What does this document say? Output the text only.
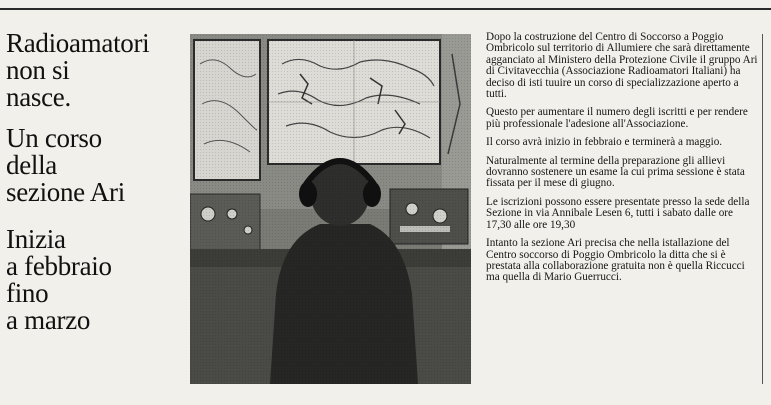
Radioamatori
non si
nasce.
Un corso
della
sezione Ari
Inizia
a febbraio
fino
a marzo

Dopo la costruzione del Centro di Soccorso a Poggio Ombricolo sul territorio di Allumiere che sarà direttamente agganciato al Ministero della Protezione Civile il gruppo Ari di Civitavecchia (Associazione Radioamatori Italiani) ha deciso di isti tuuire un corso di specializzazione aperto a tutti.

Questo per aumentare il numero degli iscritti e per rendere più professionale l'adesione all'Associazione.

Il corso avrà inizio in febbraio e terminerà a maggio.

Naturalmente al termine della preparazione gli allievi dovranno sostenere un esame la cui prima sessione è stata fissata per il mese di giugno.

Le iscrizioni possono essere presentate presso la sede della Sezione in via Annibale Lesen 6, tutti i sabato dalle ore 17,30 alle ore 19,30

Intanto la sezione Ari precisa che nella istallazione del Centro soccorso di Poggio Ombricolo la ditta che si è prestata alla collaborazione gratuita non è quella Riccucci ma quella di Mario Guerrucci.
